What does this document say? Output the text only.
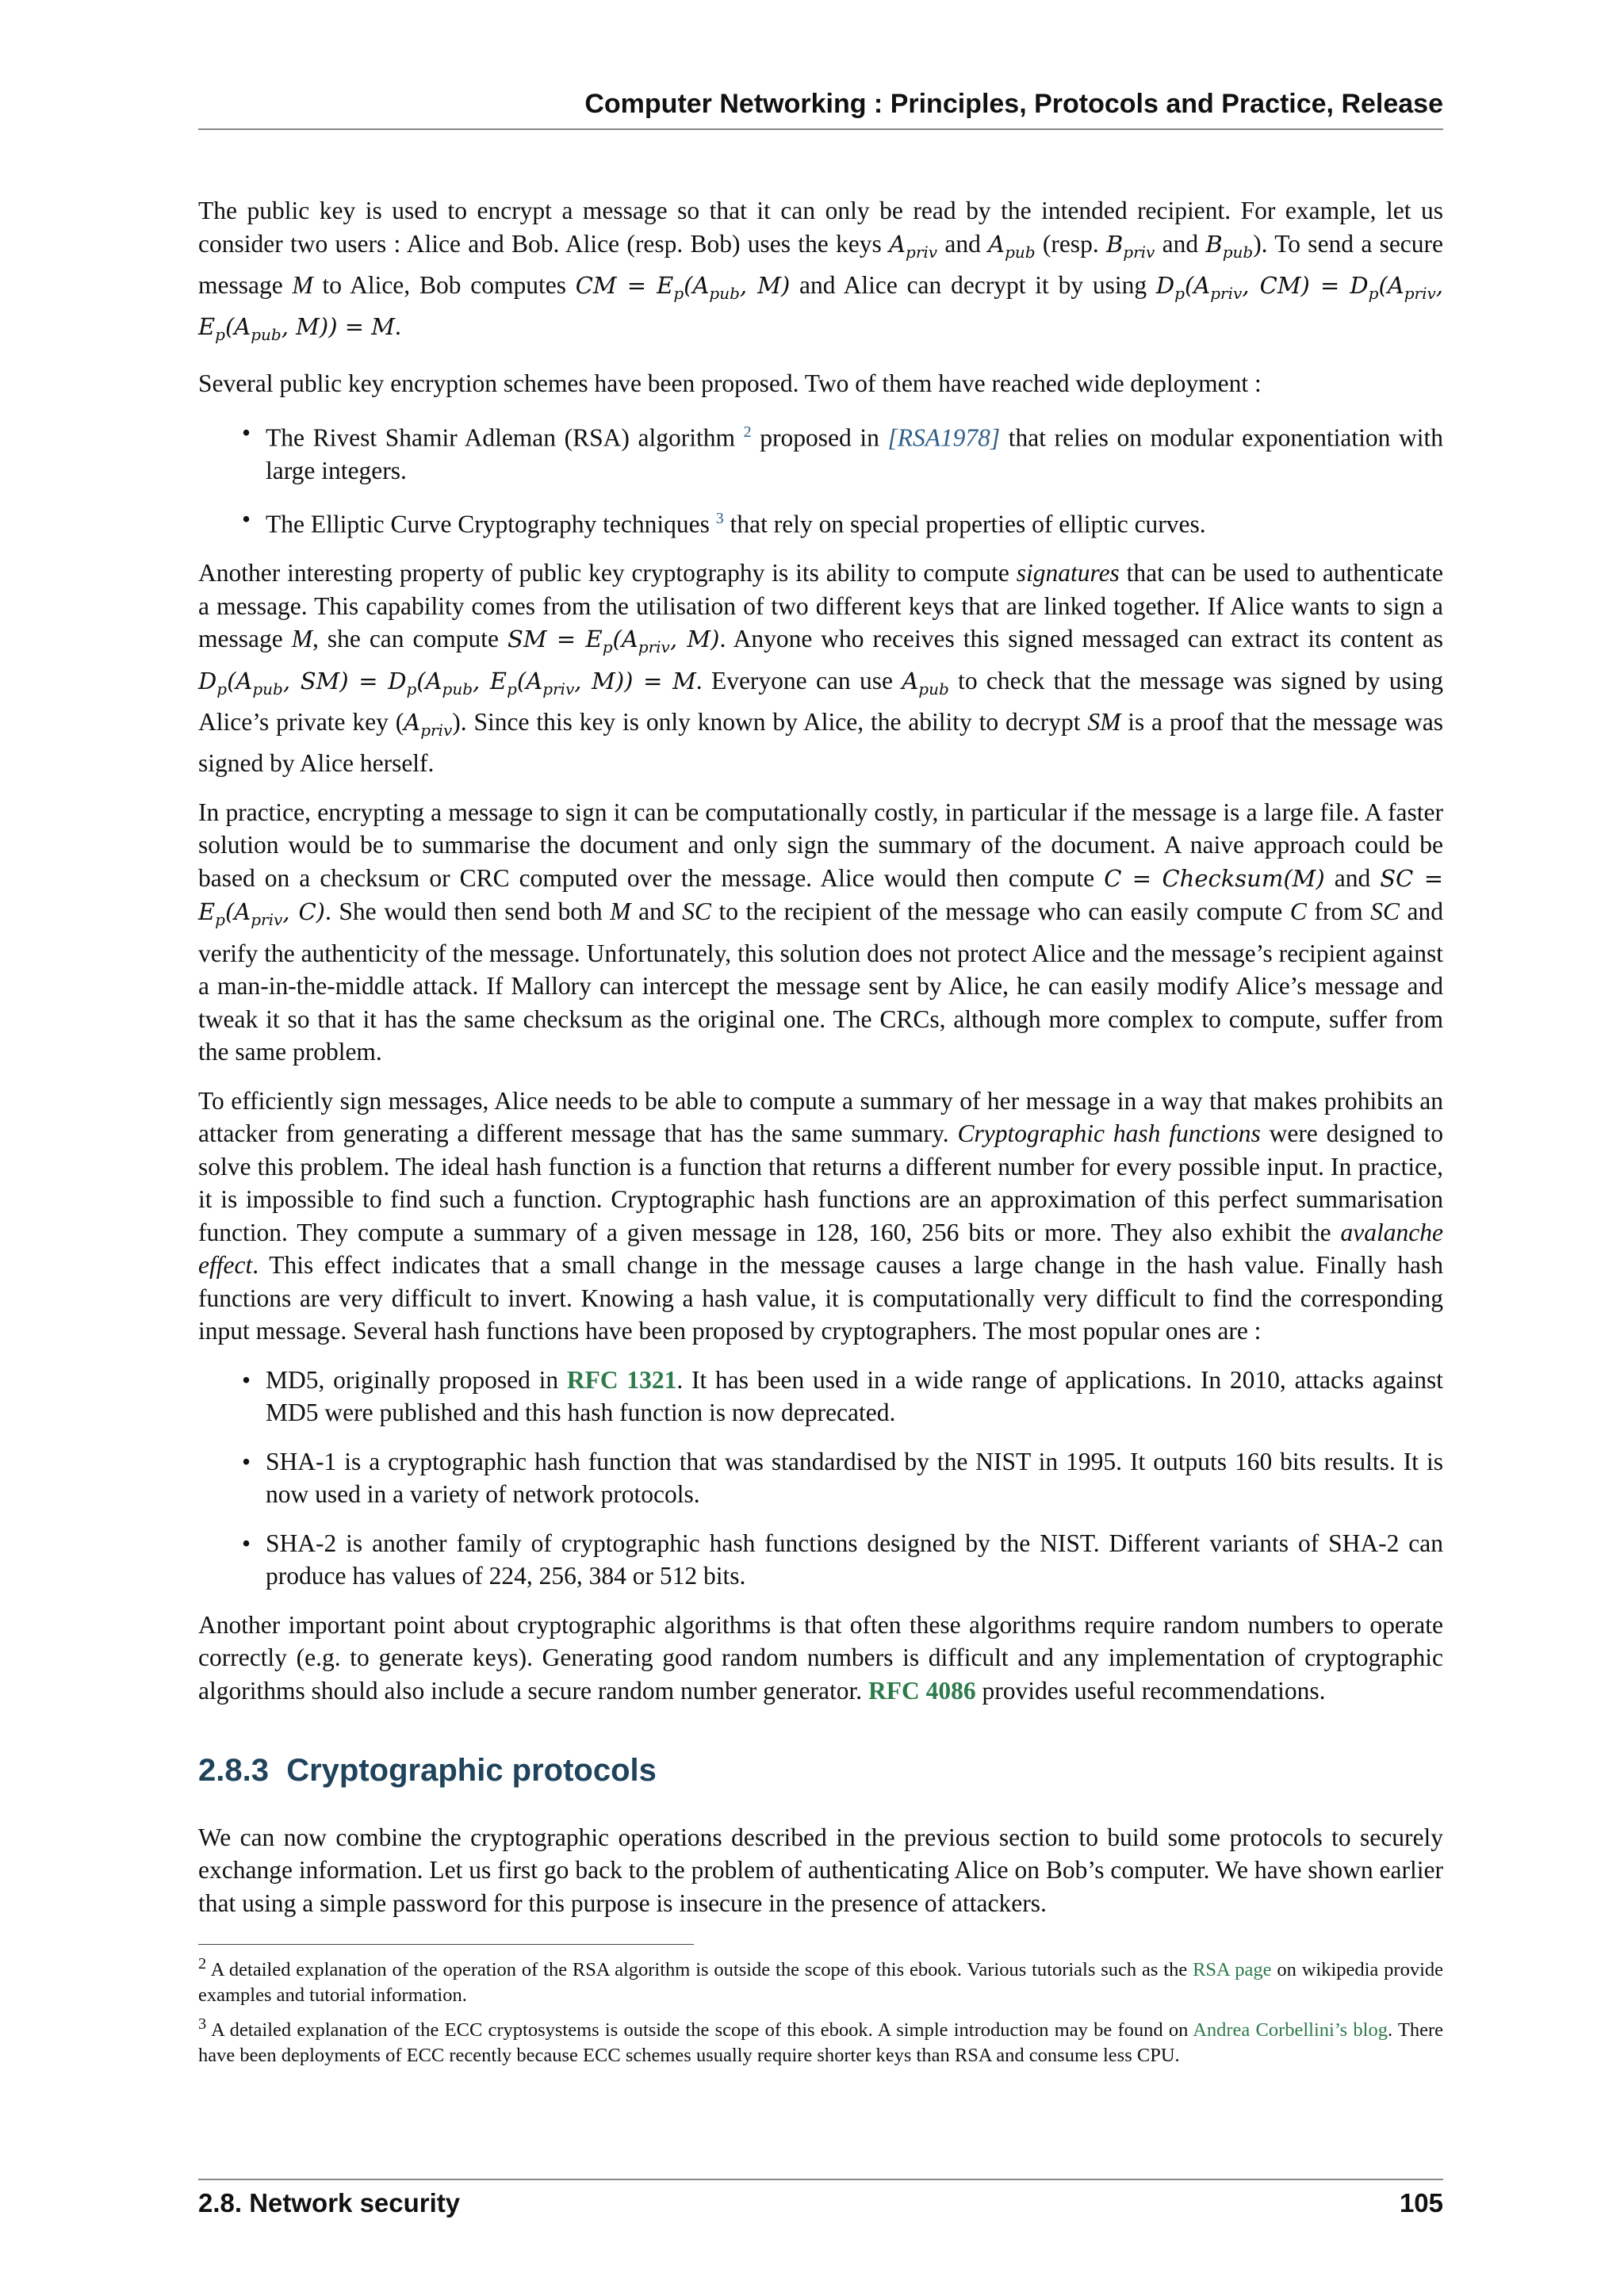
Computer Networking : Principles, Protocols and Practice, Release

The public key is used to encrypt a message so that it can only be read by the intended recipient. For example, let us consider two users : Alice and Bob. Alice (resp. Bob) uses the keys $A_{priv}$ and $A_{pub}$ (resp. $B_{priv}$ and $B_{pub}$). To send a secure message M to Alice, Bob computes CM = $E_p(A_{pub}$, M) and Alice can decrypt it by using $D_p(A_{priv}$, $CM) = D_p(A_{priv}$, $E_p(A_{pub}$, M)) = M.

Several public key encryption schemes have been proposed. Two of them have reached wide deployment :

• The Rivest Shamir Adleman (RSA) algorithm $^2$ proposed in [RSA1978] that relies on modular exponentiation with large integers.
• The Elliptic Curve Cryptography techniques $^3$ that rely on special properties of elliptic curves.

Another interesting property of public key cryptography is its ability to compute signatures that can be used to authenticate a message. This capability comes from the utilisation of two different keys that are linked together. If Alice wants to sign a message M, she can compute SM = $E_p(A_{priv}$, M). Anyone who receives this signed messaged can extract its content as $D_p(A_{pub}$, $SM) = D_p(A_{pub}$, $E_p(A_{priv}$, M)) = M. Everyone can use $A_{pub}$ to check that the message was signed by using Alice’s private key $(A_{priv})$. Since this key is only known by Alice, the ability to decrypt SM is a proof that the message was signed by Alice herself.

In practice, encrypting a message to sign it can be computationally costly, in particular if the message is a large file. A faster solution would be to summarise the document and only sign the summary of the document. A naive approach could be based on a checksum or CRC computed over the message. Alice would then compute C = Checksum(M) and SC = $E_p(A_{priv}$, C). She would then send both M and SC to the recipient of the message who can easily compute C from SC and verify the authenticity of the message. Unfortunately, this solution does not protect Alice and the message’s recipient against a man-in-the-middle attack. If Mallory can intercept the message sent by Alice, he can easily modify Alice’s message and tweak it so that it has the same checksum as the original one. The CRCs, although more complex to compute, suffer from the same problem.

To efficiently sign messages, Alice needs to be able to compute a summary of her message in a way that makes prohibits an attacker from generating a different message that has the same summary. Cryptographic hash functions were designed to solve this problem. The ideal hash function is a function that returns a different number for every possible input. In practice, it is impossible to find such a function. Cryptographic hash functions are an approximation of this perfect summarisation function. They compute a summary of a given message in 128, 160, 256 bits or more. They also exhibit the avalanche effect. This effect indicates that a small change in the message causes a large change in the hash value. Finally hash functions are very difficult to invert. Knowing a hash value, it is computationally very difficult to find the corresponding input message. Several hash functions have been proposed by cryptographers. The most popular ones are :

• MD5, originally proposed in RFC 1321. It has been used in a wide range of applications. In 2010, attacks against MD5 were published and this hash function is now deprecated.
• SHA-1 is a cryptographic hash function that was standardised by the NIST in 1995. It outputs 160 bits results. It is now used in a variety of network protocols.
• SHA-2 is another family of cryptographic hash functions designed by the NIST. Different variants of SHA-2 can produce has values of 224, 256, 384 or 512 bits.

Another important point about cryptographic algorithms is that often these algorithms require random numbers to operate correctly (e.g. to generate keys). Generating good random numbers is difficult and any implementation of cryptographic algorithms should also include a secure random number generator. RFC 4086 provides useful recommendations.

2.8.3 Cryptographic protocols

We can now combine the cryptographic operations described in the previous section to build some protocols to securely exchange information. Let us first go back to the problem of authenticating Alice on Bob’s computer. We have shown earlier that using a simple password for this purpose is insecure in the presence of attackers.

$^2$ A detailed explanation of the operation of the RSA algorithm is outside the scope of this ebook. Various tutorials such as the RSA page on wikipedia provide examples and tutorial information.

$^3$ A detailed explanation of the ECC cryptosystems is outside the scope of this ebook. A simple introduction may be found on Andrea Corbellini’s blog. There have been deployments of ECC recently because ECC schemes usually require shorter keys than RSA and consume less CPU.

2.8. Network security	105
